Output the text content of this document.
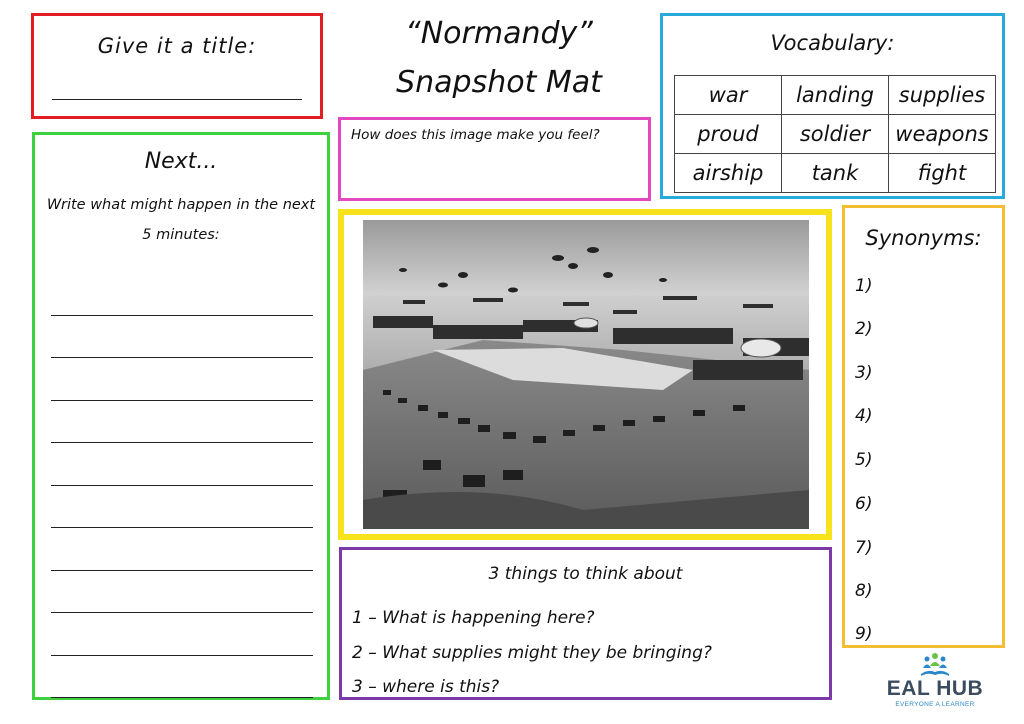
Give it a title:	“Normandy”
Snapshot Mat
How does this image make you feel?
Vocabulary:
war	landing	supplies
proud	soldier	weapons
airship	tank	fight
Next...
Write what might happen in the next 5 minutes:
3 things to think about
1 – What is happening here?
2 – What supplies might they be bringing?
3 – where is this?
Synonyms:
1)
2)
3)
4)
5)
6)
7)
8)
9)
EAL HUB
EVERYONE A LEARNER
